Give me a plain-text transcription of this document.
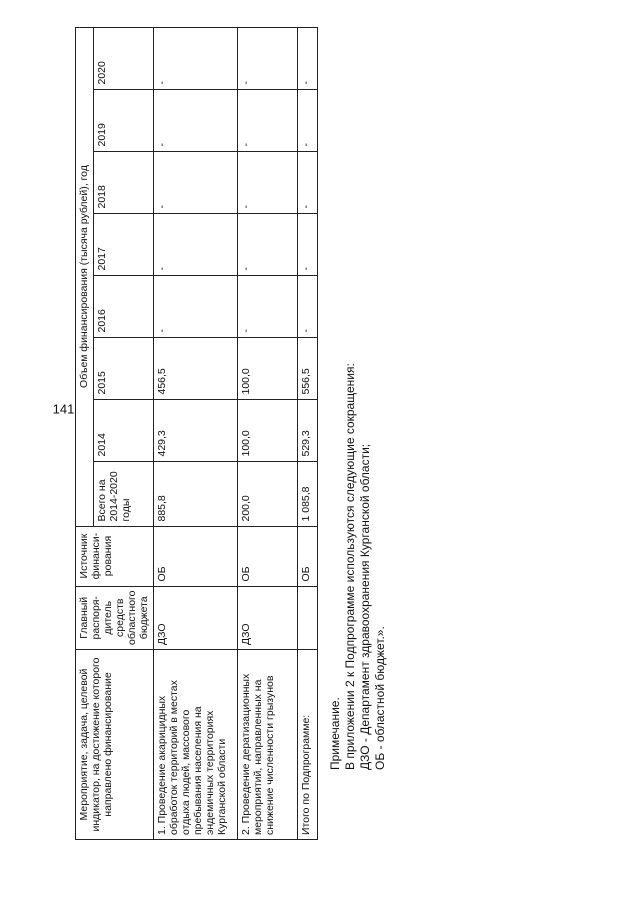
141
Мероприятие, задача, целевой индикатор, на достижение которого направлено финансирование	Главный распоря-дитель средств областного бюджета	Источник финанси-рования	Объем финансирования (тысяча рублей), год							
			Всего на 2014-2020 годы	2014	2015	2016	2017	2018	2019	2020
1. Проведение акарицидных обработок территорий в местах отдыха людей, массового пребывания населения на эндемичных территориях Курганской области	ДЗО	ОБ	885,8	429,3	456,5	-	-	-	-	-
2. Проведение дератизационных мероприятий, направленных на снижение численности грызунов	ДЗО	ОБ	200,0	100,0	100,0	-	-	-	-	-
Итого по Подпрограмме:		ОБ	1 085,8	529,3	556,5	-	-	-	-	-
Примечание. В приложении 2 к Подпрограмме используются следующие сокращения: ДЗО - Департамент здравоохранения Курганской области; ОБ - областной бюджет.».
